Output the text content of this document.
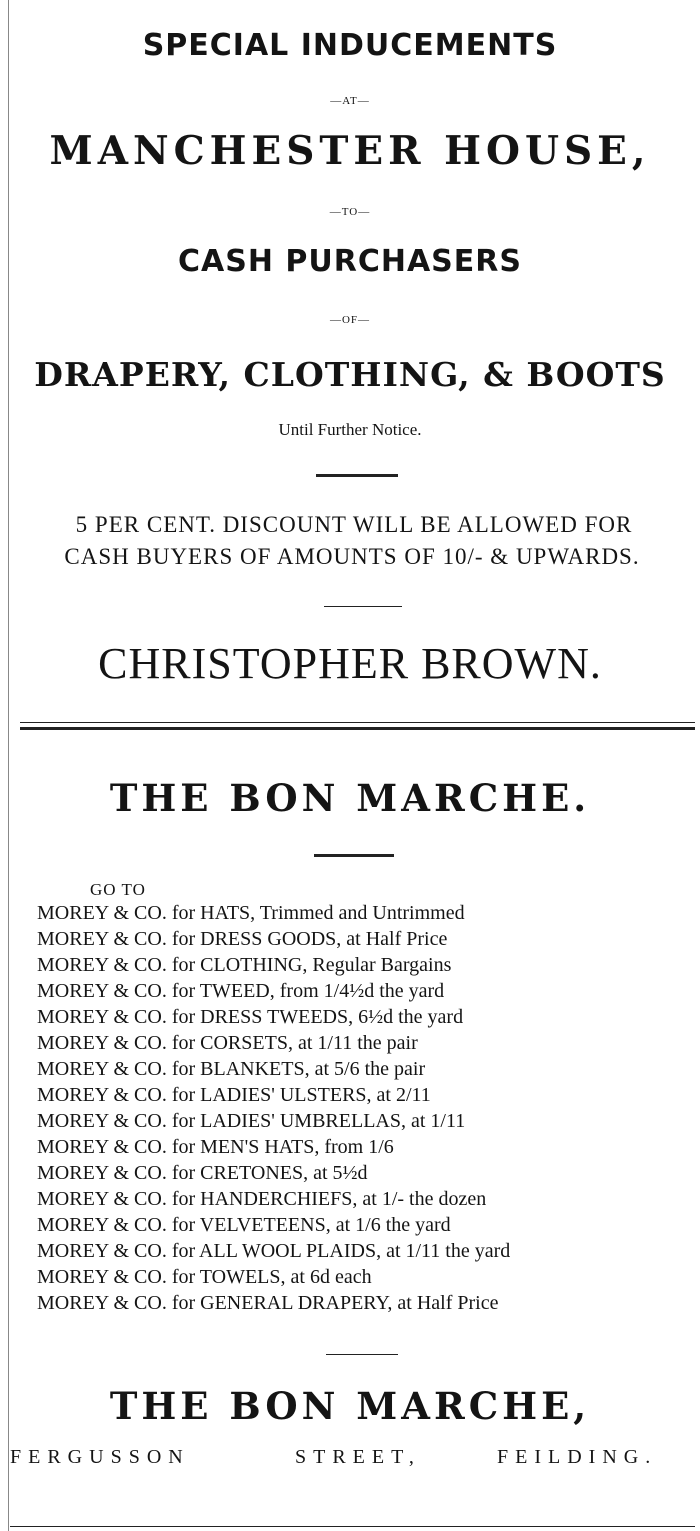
SPECIAL INDUCEMENTS
—AT—
MANCHESTER HOUSE,
—TO—
CASH PURCHASERS
—OF—
DRAPERY, CLOTHING, & BOOTS
Until Further Notice.
5 PER CENT. DISCOUNT WILL BE ALLOWED FOR
CASH BUYERS OF AMOUNTS OF 10/- & UPWARDS.
CHRISTOPHER BROWN.
THE BON MARCHE.
GO TO
MOREY & CO. for HATS, Trimmed and Untrimmed
MOREY & CO. for DRESS GOODS, at Half Price
MOREY & CO. for CLOTHING, Regular Bargains
MOREY & CO. for TWEED, from 1/4½d the yard
MOREY & CO. for DRESS TWEEDS, 6½d the yard
MOREY & CO. for CORSETS, at 1/11 the pair
MOREY & CO. for BLANKETS, at 5/6 the pair
MOREY & CO. for LADIES' ULSTERS, at 2/11
MOREY & CO. for LADIES' UMBRELLAS, at 1/11
MOREY & CO. for MEN'S HATS, from 1/6
MOREY & CO. for CRETONES, at 5½d
MOREY & CO. for HANDERCHIEFS, at 1/- the dozen
MOREY & CO. for VELVETEENS, at 1/6 the yard
MOREY & CO. for ALL WOOL PLAIDS, at 1/11 the yard
MOREY & CO. for TOWELS, at 6d each
MOREY & CO. for GENERAL DRAPERY, at Half Price
THE BON MARCHE,
FERGUSSON	STREET,	FEILDING.
